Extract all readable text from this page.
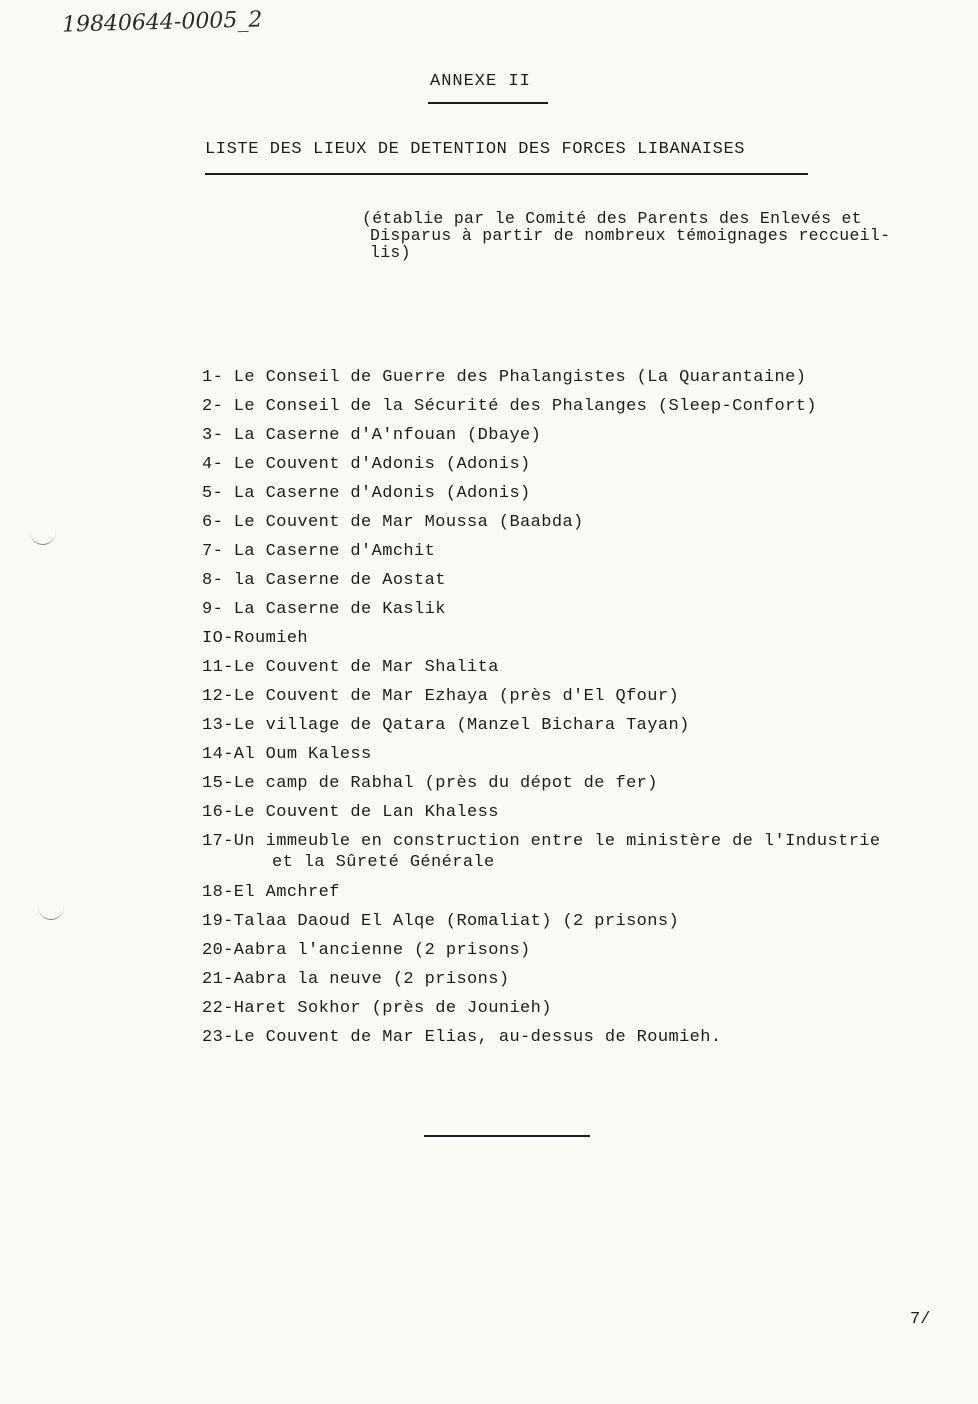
19840644-0005_2
ANNEXE II
LISTE DES LIEUX DE DETENTION DES FORCES LIBANAISES
(établie par le Comité des Parents des Enlevés et
Disparus à partir de nombreux témoignages reccueil-
lis)
1- Le Conseil de Guerre des Phalangistes (La Quarantaine)
2- Le Conseil de la Sécurité des Phalanges (Sleep-Confort)
3- La Caserne d'A'nfouan (Dbaye)
4- Le Couvent d'Adonis (Adonis)
5- La Caserne d'Adonis (Adonis)
6- Le Couvent de Mar Moussa (Baabda)
7- La Caserne d'Amchit
8- la Caserne de Aostat
9- La Caserne de Kaslik
IO-Roumieh
11-Le Couvent de Mar Shalita
12-Le Couvent de Mar Ezhaya (près d'El Qfour)
13-Le village de Qatara (Manzel Bichara Tayan)
14-Al Oum Kaless
15-Le camp de Rabhal (près du dépot de fer)
16-Le Couvent de Lan Khaless
17-Un immeuble en construction entre le ministère de l'Industrie
et la Sûreté Générale
18-El Amchref
19-Talaa Daoud El Alqe (Romaliat) (2 prisons)
20-Aabra l'ancienne (2 prisons)
21-Aabra la neuve (2 prisons)
22-Haret Sokhor (près de Jounieh)
23-Le Couvent de Mar Elias, au-dessus de Roumieh.
7/
